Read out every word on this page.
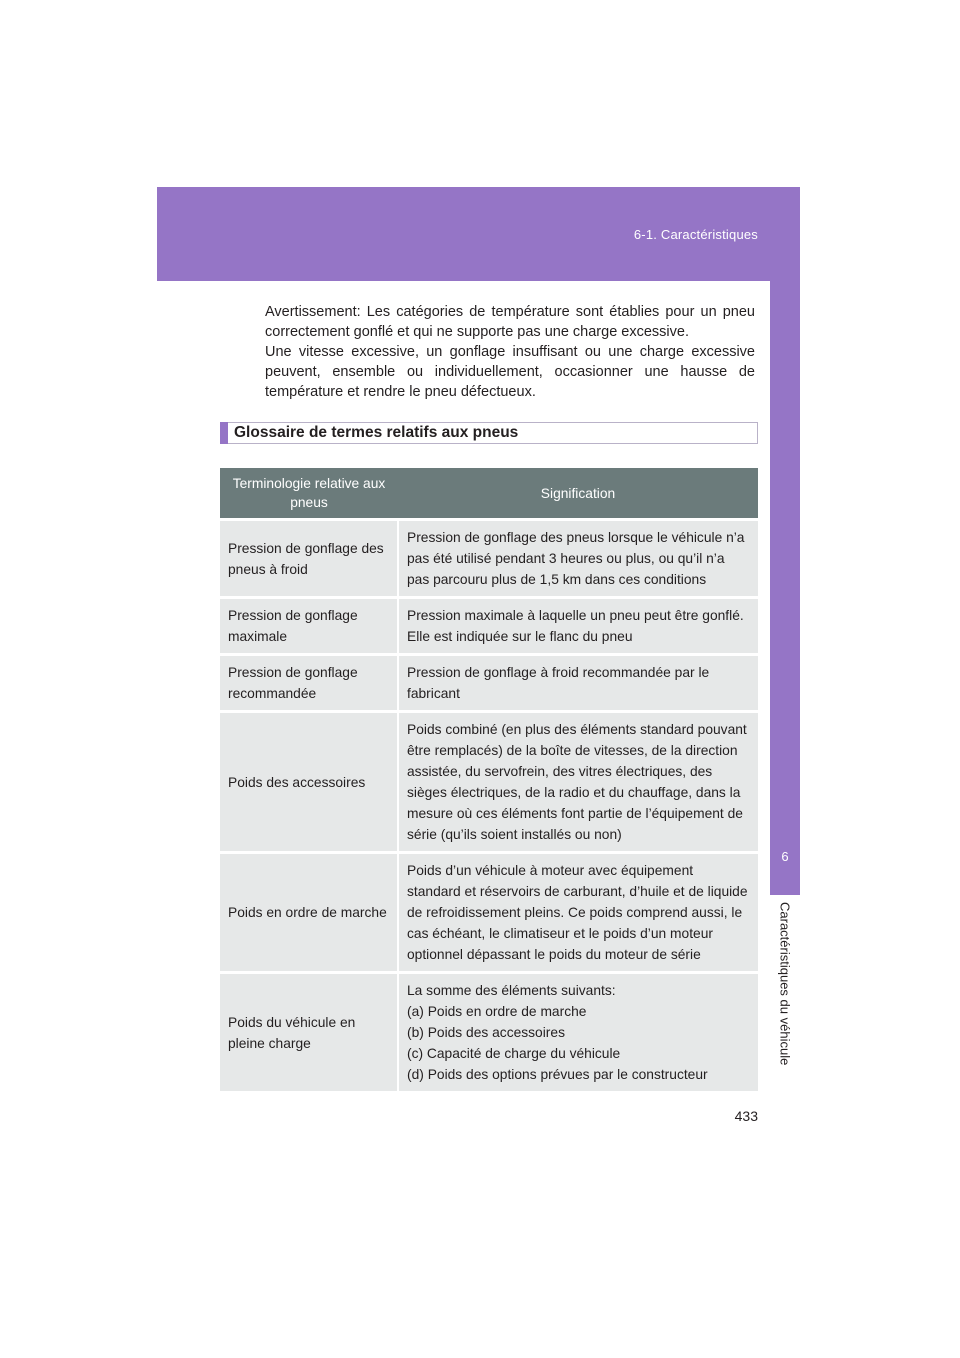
6-1. Caractéristiques
6
Caractéristiques du véhicule

Avertissement: Les catégories de température sont établies pour un pneu correctement gonflé et qui ne supporte pas une charge excessive.

Une vitesse excessive, un gonflage insuffisant ou une charge excessive peuvent, ensemble ou individuellement, occasionner une hausse de température et rendre le pneu défectueux.

Glossaire de termes relatifs aux pneus
Terminologie relative aux pneus	Signification
Pression de gonflage des pneus à froid	Pression de gonflage des pneus lorsque le véhicule n’a pas été utilisé pendant 3 heures ou plus, ou qu’il n’a pas parcouru plus de 1,5 km dans ces conditions
Pression de gonflage maximale	Pression maximale à laquelle un pneu peut être gonflé. Elle est indiquée sur le flanc du pneu
Pression de gonflage recommandée	Pression de gonflage à froid recommandée par le fabricant
Poids des accessoires	Poids combiné (en plus des éléments standard pouvant être remplacés) de la boîte de vitesses, de la direction assistée, du servofrein, des vitres électriques, des sièges électriques, de la radio et du chauffage, dans la mesure où ces éléments font partie de l’équipement de série (qu’ils soient installés ou non)
Poids en ordre de marche	Poids d’un véhicule à moteur avec équipement standard et réservoirs de carburant, d’huile et de liquide de refroidissement pleins. Ce poids comprend aussi, le cas échéant, le climatiseur et le poids d’un moteur optionnel dépassant le poids du moteur de série
Poids du véhicule en pleine charge	La somme des éléments suivants:
(a) Poids en ordre de marche
(b) Poids des accessoires
(c) Capacité de charge du véhicule
(d) Poids des options prévues par le constructeur
433
